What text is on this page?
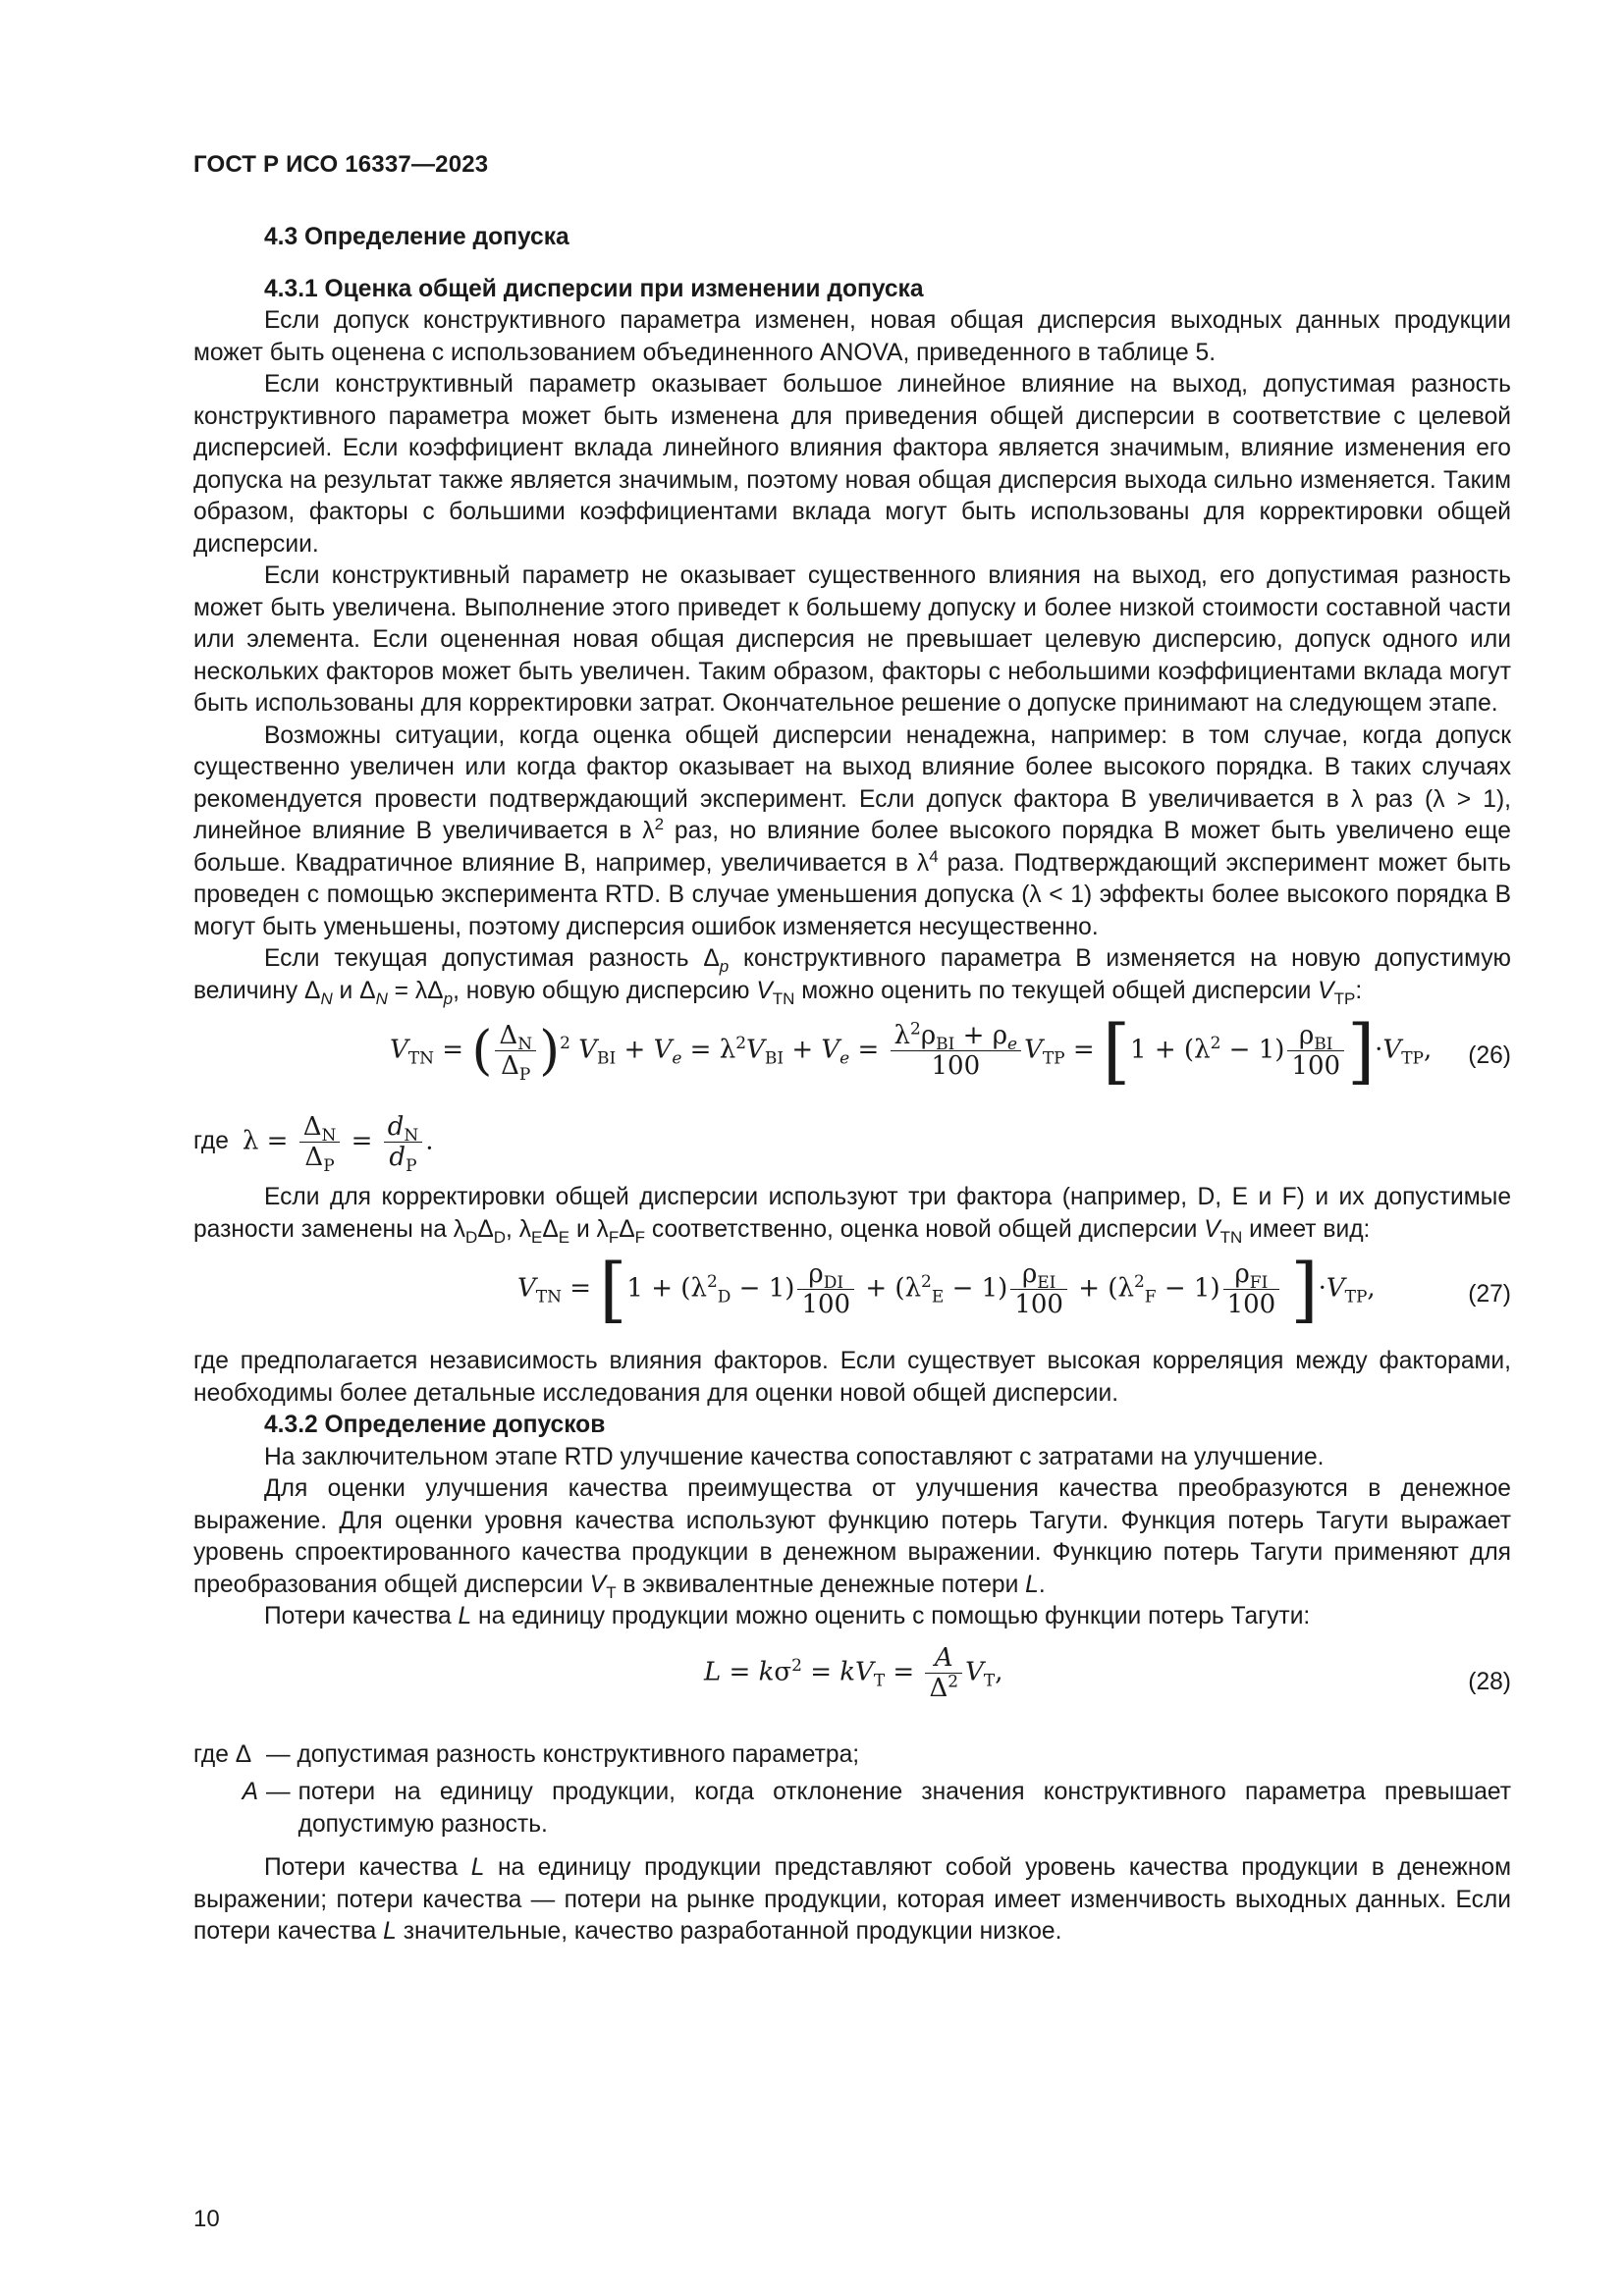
ГОСТ Р ИСО 16337—2023
4.3 Определение допуска
4.3.1 Оценка общей дисперсии при изменении допуска

Если допуск конструктивного параметра изменен, новая общая дисперсия выходных данных продукции может быть оценена с использованием объединенного ANOVA, приведенного в таблице 5.

Если конструктивный параметр оказывает большое линейное влияние на выход, допустимая разность конструктивного параметра может быть изменена для приведения общей дисперсии в соответствие с целевой дисперсией. Если коэффициент вклада линейного влияния фактора является значимым, влияние изменения его допуска на результат также является значимым, поэтому новая общая дисперсия выхода сильно изменяется. Таким образом, факторы с большими коэффициентами вклада могут быть использованы для корректировки общей дисперсии.

Если конструктивный параметр не оказывает существенного влияния на выход, его допустимая разность может быть увеличена. Выполнение этого приведет к большему допуску и более низкой стоимости составной части или элемента. Если оцененная новая общая дисперсия не превышает целевую дисперсию, допуск одного или нескольких факторов может быть увеличен. Таким образом, факторы с небольшими коэффициентами вклада могут быть использованы для корректировки затрат. Окончательное решение о допуске принимают на следующем этапе.

Возможны ситуации, когда оценка общей дисперсии ненадежна, например: в том случае, когда допуск существенно увеличен или когда фактор оказывает на выход влияние более высокого порядка. В таких случаях рекомендуется провести подтверждающий эксперимент. Если допуск фактора В увеличивается в λ раз (λ > 1), линейное влияние В увеличивается в $\lambda^2$ раз, но влияние более высокого порядка В может быть увеличено еще больше. Квадратичное влияние В, например, увеличивается в $\lambda^4$ раза. Подтверждающий эксперимент может быть проведен с помощью эксперимента RTD. В случае уменьшения допуска (λ < 1) эффекты более высокого порядка В могут быть уменьшены, поэтому дисперсия ошибок изменяется несущественно.

Если текущая допустимая разность $\Delta_p$ конструктивного параметра В изменяется на новую допустимую величину $\Delta_N$ и $\Delta_N = \lambda\Delta_p$, новую общую дисперсию $V_{TN}$ можно оценить по текущей общей дисперсии $V_{TP}$:

$V_{TN}$ = ( $\frac{\Delta_N}{\Delta_P} )^2$ $V_{BI} + V_e = \lambda^2V_{BI} + V_e = \frac{\lambda^2\rho_{BI} + \rho_e}{100} V_{TP} = [1 + (\lambda^2 - 1) \frac{\rho_{BI}}{100} ]\cdot V_{TP}$, (26)
где $\lambda = \frac{\Delta_N}{\Delta_P} = \frac{d_N}{d_P}$ .

Если для корректировки общей дисперсии используют три фактора (например, D, E и F) и их допустимые разности заменены на $\lambda_D\Delta_D$, $\lambda_E\Delta_E$ и $\lambda_F\Delta_F$ соответственно, оценка новой общей дисперсии $V_{TN}$ имеет вид:

$V_{TN} = [1 + (\lambda^2_D - 1) \frac{\rho_{DI}}{100} + (\lambda^2_E - 1) \frac{\rho_{EI}}{100} + (\lambda^2_F - 1) \frac{\rho_{FI}}{100} ]\cdot V_{TP}$,	(27)

где предполагается независимость влияния факторов. Если существует высокая корреляция между факторами, необходимы более детальные исследования для оценки новой общей дисперсии.

4.3.2 Определение допусков

На заключительном этапе RTD улучшение качества сопоставляют с затратами на улучшение.

Для оценки улучшения качества преимущества от улучшения качества преобразуются в денежное выражение. Для оценки уровня качества используют функцию потерь Тагути. Функция потерь Тагути выражает уровень спроектированного качества продукции в денежном выражении. Функцию потерь Тагути применяют для преобразования общей дисперсии $V_T$ в эквивалентные денежные потери L.

Потери качества L на единицу продукции можно оценить с помощью функции потерь Тагути:

$L = k\sigma^2 = kV_T = \frac{A}{\Delta^2} V_T$,	(28)
где Δ — допустимая разность конструктивного параметра;
A — потери на единицу продукции, когда отклонение значения конструктивного параметра превышает допустимую разность.

Потери качества L на единицу продукции представляют собой уровень качества продукции в денежном выражении; потери качества — потери на рынке продукции, которая имеет изменчивость выходных данных. Если потери качества L значительные, качество разработанной продукции низкое.

10
